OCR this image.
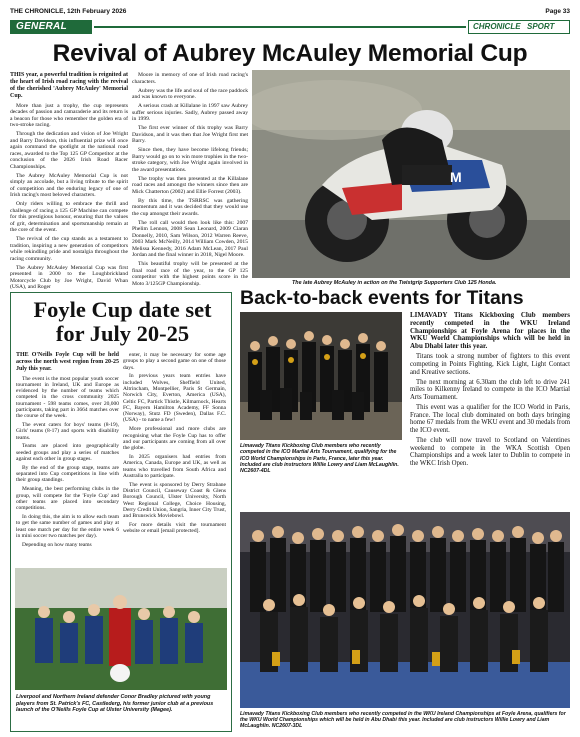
THE CHRONICLE, 12th February 2026	Page 33
GENERAL	CHRONICLE SPORT
Revival of Aubrey McAuley Memorial Cup

THIS year, a powerful tradition is reignited at the heart of Irish road racing with the revival of the cherished 'Aubrey McAuley' Memorial Cup.

More than just a trophy, the cup represents decades of passion and camaraderie and its return is a beacon for those who remember the golden era of two-stroke racing.

Through the dedication and vision of Joe Wright and Barry Davidson, this influential prize will once again command the spotlight at the national road races, awarded to the Top 125 GP Competitor at the conclusion of the 2026 Irish Road Racer Championships.

The Aubrey McAuley Memorial Cup is not simply an accolade, but a living tribute to the spirit of competition and the enduring legacy of one of Irish racing's most beloved characters.

Only riders willing to embrace the thrill and challenge of racing a 125 GP Machine can compete for this prestigious honour, ensuring that the values of grit, determination and sportsmanship remain at the core of the event.

The revival of the cup stands as a testament to tradition, inspiring a new generation of competitors while rekindling pride and nostalgia throughout the racing community.

The Aubrey McAuley Memorial Cup was first presented in 2000 to the Loughbrickland Motorcycle Club by Joe Wright, David Whan (USA), and Roger

Moore in memory of one of Irish road racing's characters.

Aubrey was the life and soul of the race paddock and was known to everyone.

A serious crash at Killalane in 1997 saw Aubrey suffer serious injuries. Sadly, Aubrey passed away in 1999.

The first ever winner of this trophy was Barry Davidson, and it was then that Joe Wright first met Barry.

Since then, they have become lifelong friends; Barry would go on to win more trophies in the two-stroke category, with Joe Wright again involved in the award presentations.

The trophy was then presented at the Killalane road races and amongst the winners since then are Mick Chatterton (2002) and Ellie Forrest (2003).

By this time, the TSRRSC was gathering momentum and it was decided that they would use the cup amongst their awards.

The roll call would then look like this: 2007 Phelim Lennon, 2008 Sean Leonard, 2009 Ciaran Donnelly, 2010, Sam Wilson, 2012 Warren Reeve, 2003 Mark McNeilly, 2014 William Cowden, 2015 Melissa Kennedy, 2016 Adam McLean, 2017 Paul Jordan and the final winner in 2018, Nigel Moore.

This beautiful trophy will be presented at the final road race of the year, to the GP 125 competitor with the highest points score in the Moto 3/125GP Championship.

M
The late Aubrey McAuley in action on the Twistgrip Supporters Club 125 Honda.
Foyle Cup date set for July 20-25

THE O'Neills Foyle Cup will be held across the north west region from 20-25 July this year.

The event is the most popular youth soccer tournament in Ireland, UK and Europe as evidenced by the number of teams which competed in the cross community 2025 tournament - 598 teams comes, over 20,000 participants, taking part in 3664 matches over the course of the week.

The event caters for boys' teams (8-19), Girls' teams (8-17) and sports with disability teams.

Teams are placed into geographically seeded groups and play a series of matches against each other in group stages.

By the end of the group stage, teams are separated into Cup competitions in line with their group standings.

Meaning, the best performing clubs in the group, will compete for the 'Foyle Cup' and other teams are placed into secondary competitions.

In doing this, the aim is to allow each team to get the same number of games and play at least one match per day for the entire week 6 in mini soccer two matches per day).

Depending on how many teams

enter, it may be necessary for some age groups to play a second game on one of those days.

In previous years team entries have included Wolves, Sheffield United, Altrincham, Montpellier, Paris St Germain, Norwich City, Everton, America (USA), Celtic FC, Partick Thistle, Kilmarnock, Hearts FC, Bayern Hamilton Academy, FF Sonna (Norway), Stutz FD (Sweden), Dallas F.C. (USA) - to name a few!

More professional and more clubs are recognising what the Foyle Cup has to offer and our participants are coming from all over the globe.

In 2025 organisers had entries from America, Canada, Europe and UK, as well as teams who travelled from South Africa and Australia to participate.

The event is sponsored by Derry Strabane District Council, Causeway Coast & Glens Borough Council, Ulster University, North West Regional College, Choice Housing, Derry Credit Union, Sangria, Inner City Trust, and Brunswick Moviebowl.

For more details visit the tournament website or email [email protected].

Liverpool and Northern Ireland defender Conor Bradley pictured with young players from St. Patrick's FC, Castlederg, his former junior club at a previous launch of the O'Neills Foyle Cup at Ulster University (Magee).
Back-to-back events for Titans
Limavady Titans Kickboxing Club members who recently competed in the ICO Martial Arts Tournament, qualifying for the ICO World Championships in Paris, France, later this year. Included are club instructors Willie Lowry and Liam McLaughlin. NC2607-4DL

LIMAVADY Titans Kickboxing Club members recently competed in the WKU Ireland Championships at Foyle Arena for places in the WKU World Championships which will be held in Abu Dhabi later this year.

Titans took a strong number of fighters to this event competing in Points Fighting, Kick Light, Light Contact and Kreative sections.

The next morning at 6.30am the club left to drive 241 miles to Kilkenny Ireland to compete in the ICO Martial Arts Tournament.

This event was a qualifier for the ICO World in Paris, France. The local club dominated on both days bringing home 67 medals from the WKU event and 30 medals from the ICO event.

The club will now travel to Scotland on Valentines weekend to compete in the WKA Scottish Open Championships and a week later to Dublin to compete in the WKC Irish Open.

Limavady Titans Kickboxing Club members who recently competed in the WKU Ireland Championships at Foyle Arena, qualifiers for the WKU World Championships which will be held in Abu Dhabi this year. Included are club instructors Willie Lowry and Liam McLaughlin. NC2607-3DL
